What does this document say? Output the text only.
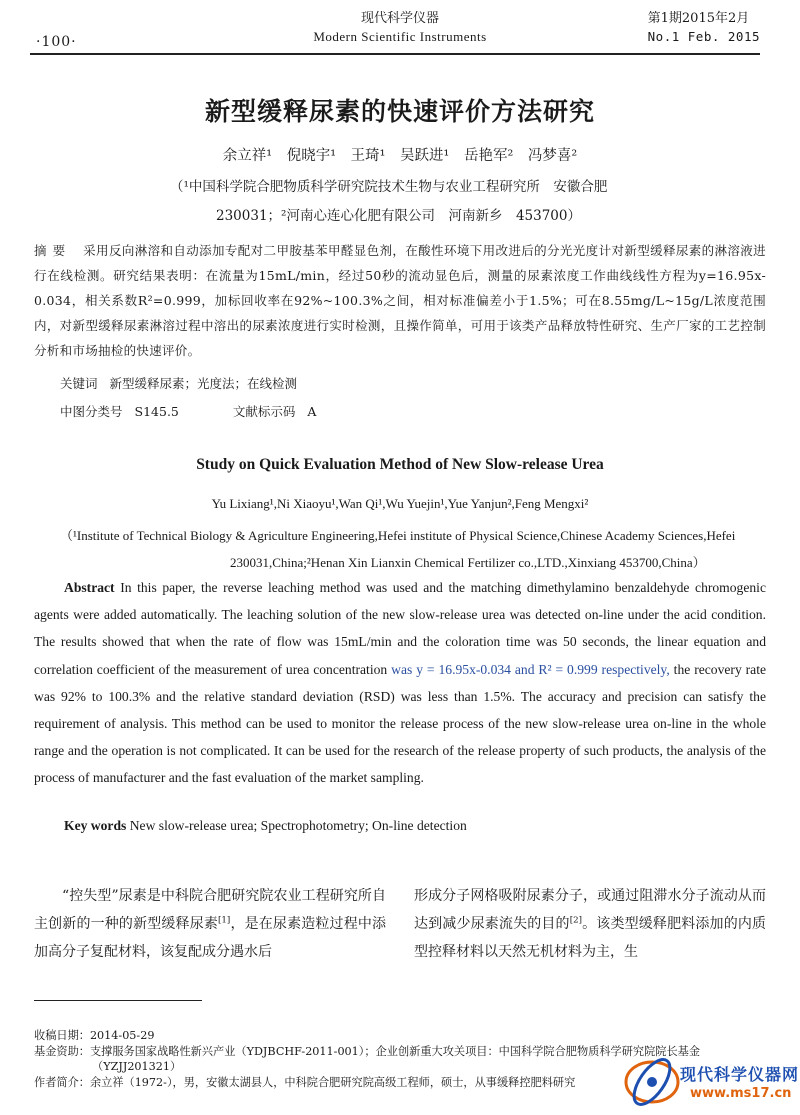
·100·
现代科学仪器
Modern Scientific Instruments
第1期2015年2月
No.1 Feb. 2015
新型缓释尿素的快速评价方法研究
余立祥¹ 倪晓宇¹ 王琦¹ 吴跃进¹ 岳艳军² 冯梦喜²
（¹中国科学院合肥物质科学研究院技术生物与农业工程研究所　安徽合肥
230031；²河南心连心化肥有限公司　河南新乡　453700）
摘要 采用反向淋溶和自动添加专配对二甲胺基苯甲醛显色剂，在酸性环境下用改进后的分光光度计对新型缓释尿素的淋溶液进行在线检测。研究结果表明：在流量为15mL/min，经过50秒的流动显色后，测量的尿素浓度工作曲线线性方程为y=16.95x-0.034，相关系数R²=0.999，加标回收率在92%~100.3%之间，相对标准偏差小于1.5%；可在8.55mg/L~15g/L浓度范围内，对新型缓释尿素淋溶过程中溶出的尿素浓度进行实时检测，且操作简单，可用于该类产品释放特性研究、生产厂家的工艺控制分析和市场抽检的快速评价。
关键词 新型缓释尿素；光度法；在线检测
中图分类号 S145.5	文献标示码 A
Study on Quick Evaluation Method of New Slow-release Urea
Yu Lixiang¹,Ni Xiaoyu¹,Wan Qi¹,Wu Yuejin¹,Yue Yanjun²,Feng Mengxi²
（¹Institute of Technical Biology & Agriculture Engineering,Hefei institute of Physical Science,Chinese Academy Sciences,Hefei
230031,China;²Henan Xin Lianxin Chemical Fertilizer co.,LTD.,Xinxiang 453700,China）

Abstract In this paper, the reverse leaching method was used and the matching dimethylamino benzaldehyde chromogenic agents were added automatically. The leaching solution of the new slow-release urea was detected on-line under the acid condition. The results showed that when the rate of flow was 15mL/min and the coloration time was 50 seconds, the linear equation and correlation coefficient of the measurement of urea concentration was y = 16.95x-0.034 and R² = 0.999 respectively, the recovery rate was 92% to 100.3% and the relative standard deviation (RSD) was less than 1.5%. The accuracy and precision can satisfy the requirement of analysis. This method can be used to monitor the release process of the new slow-release urea on-line in the whole range and the operation is not complicated. It can be used for the research of the release property of such products, the analysis of the process of manufacturer and the fast evaluation of the market sampling.

Key words New slow-release urea; Spectrophotometry; On-line detection

“控失型”尿素是中科院合肥研究院农业工程研究所自主创新的一种的新型缓释尿素[1]，是在尿素造粒过程中添加高分子复配材料，该复配成分遇水后

形成分子网格吸附尿素分子，或通过阻滞水分子流动从而达到减少尿素流失的目的[2]。该类型缓释肥料添加的内质型控释材料以天然无机材料为主，生

收稿日期：2014-05-29
基金资助：支撑服务国家战略性新兴产业（YDJBCHF-2011-001）；企业创新重大攻关项目：中国科学院合肥物质科学研究院院长基金
（YZJJ201321）
作者简介：余立祥（1972-），男，安徽太湖县人，中科院合肥研究院高级工程师，硕士，从事缓释控肥料研究	现代科学仪器网
www.ms17.cn
